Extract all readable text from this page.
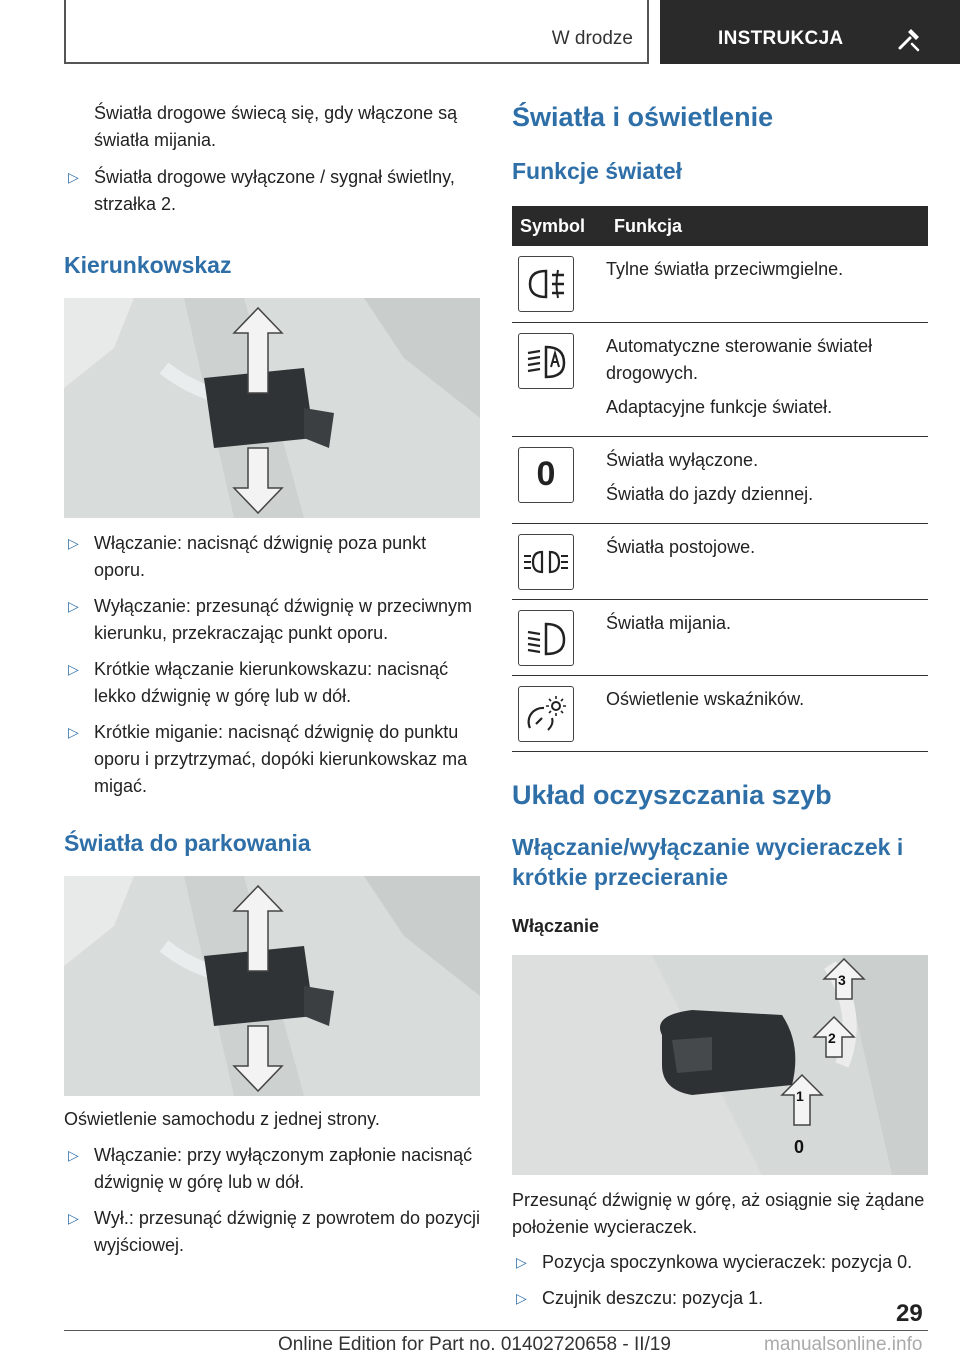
W drodze	INSTRUKCJA

Światła drogowe świecą się, gdy włączone są światła mijania.

▷ Światła drogowe wyłączone / sygnał świetlny, strzałka 2.
Kierunkowskaz
▷ Włączanie: nacisnąć dźwignię poza punkt oporu.
▷ Wyłączanie: przesunąć dźwignię w przeciwnym kierunku, przekraczając punkt oporu.
▷ Krótkie włączanie kierunkowskazu: nacisnąć lekko dźwignię w górę lub w dół.
▷ Krótkie miganie: nacisnąć dźwignię do punktu oporu i przytrzymać, dopóki kierunkowskaz ma migać.
Światła do parkowania

Oświetlenie samochodu z jednej strony.

▷ Włączanie: przy wyłączonym zapłonie nacisnąć dźwignię w górę lub w dół.
▷ Wył.: przesunąć dźwignię z powrotem do pozycji wyjściowej.
Światła i oświetlenie
Funkcje świateł
Symbol	Funkcja

Tylne światła przeciwmgielne.

Automatyczne sterowanie świateł drogowych.
Adaptacyjne funkcje świateł.

0	Światła wyłączone.
Światła do jazdy dziennej.

Światła postojowe.

Światła mijania.

Oświetlenie wskaźników.
Układ oczyszczania szyb
Włączanie/wyłączanie wycieraczek i krótkie przecieranie
Włączanie
3
2
1
0

Przesunąć dźwignię w górę, aż osiągnie się żądane położenie wycieraczek.

▷ Pozycja spoczynkowa wycieraczek: pozycja 0.
▷ Czujnik deszczu: pozycja 1.
29
Online Edition for Part no. 01402720658 - II/19	manualsonline.info
